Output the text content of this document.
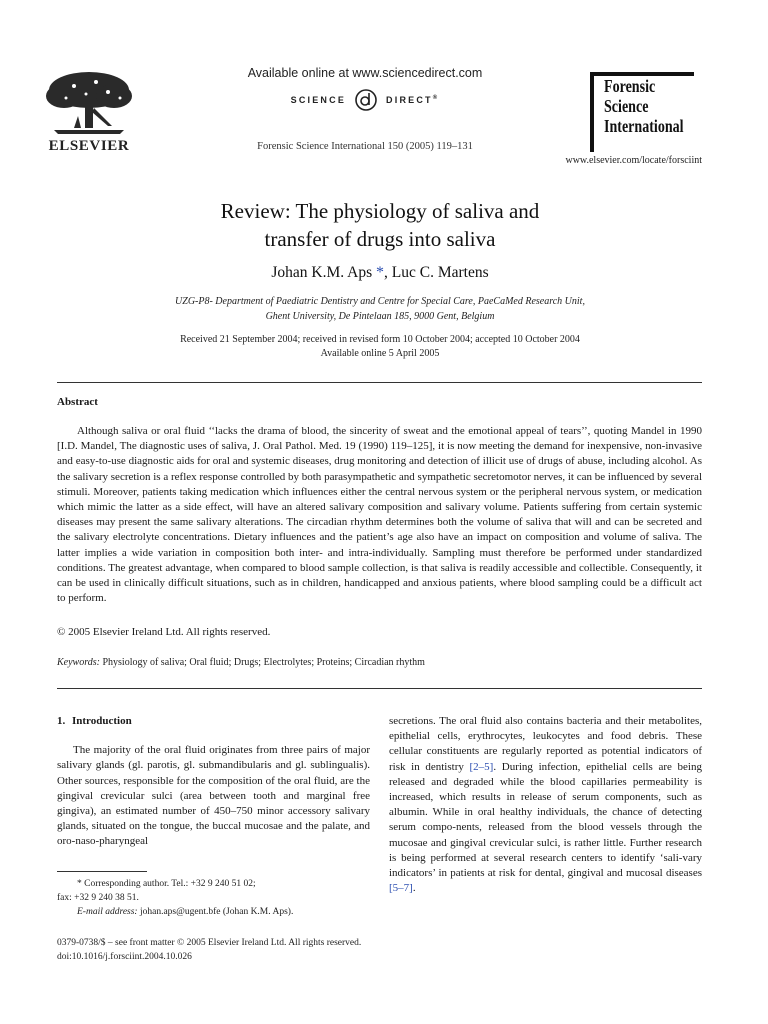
ELSEVIER
Available online at www.sciencedirect.com
SCIENCE	DIRECT®
Forensic Science International 150 (2005) 119–131
Forensic
Science
International
www.elsevier.com/locate/forsciint
Review: The physiology of saliva and
transfer of drugs into saliva
Johan K.M. Aps *, Luc C. Martens
UZG-P8- Department of Paediatric Dentistry and Centre for Special Care, PaeCaMed Research Unit,
Ghent University, De Pintelaan 185, 9000 Gent, Belgium
Received 21 September 2004; received in revised form 10 October 2004; accepted 10 October 2004
Available online 5 April 2005
Abstract
Although saliva or oral fluid ‘‘lacks the drama of blood, the sincerity of sweat and the emotional appeal of tears’’, quoting Mandel in 1990 [I.D. Mandel, The diagnostic uses of saliva, J. Oral Pathol. Med. 19 (1990) 119–125], it is now meeting the demand for inexpensive, non-invasive and easy-to-use diagnostic aids for oral and systemic diseases, drug monitoring and detection of illicit use of drugs of abuse, including alcohol. As the salivary secretion is a reflex response controlled by both parasympathetic and sympathetic secretomotor nerves, it can be influenced by several stimuli. Moreover, patients taking medication which influences either the central nervous system or the peripheral nervous system, or medication which mimic the latter as a side effect, will have an altered salivary composition and salivary volume. Patients suffering from certain systemic diseases may present the same salivary alterations. The circadian rhythm determines both the volume of saliva that will and can be secreted and the salivary electrolyte concentrations. Dietary influences and the patient’s age also have an impact on composition and volume of saliva. The latter implies a wide variation in composition both inter- and intra-individually. Sampling must therefore be performed under standardized conditions. The greatest advantage, when compared to blood sample collection, is that saliva is readily accessible and collectible. Consequently, it can be used in clinically difficult situations, such as in children, handicapped and anxious patients, where blood sampling could be a difficult act to perform.
© 2005 Elsevier Ireland Ltd. All rights reserved.
Keywords: Physiology of saliva; Oral fluid; Drugs; Electrolytes; Proteins; Circadian rhythm
1. Introduction

The majority of the oral fluid originates from three pairs of major salivary glands (gl. parotis, gl. submandibularis and gl. sublingualis). Other sources, responsible for the composition of the oral fluid, are the gingival crevicular sulci (area between tooth and marginal free gingiva), an estimated number of 450–750 minor accessory salivary glands, situated on the tongue, the buccal mucosae and the palate, and oro-naso-pharyngeal

secretions. The oral fluid also contains bacteria and their metabolites, epithelial cells, erythrocytes, leukocytes and food debris. These cellular constituents are regularly reported as potential indicators of risk in dentistry [2–5]. During infection, epithelial cells are being released and degraded while the blood capillaries permeability is increased, which results in release of serum components, such as albumin. While in oral healthy individuals, the chance of detecting serum compo-nents, released from the blood vessels through the mucosae and gingival crevicular sulci, is rather little. Further research is being performed at several research centers to identify ‘sali-vary indicators’ in patients at risk for dental, gingival and mucosal diseases [5–7].

* Corresponding author. Tel.: +32 9 240 51 02;
fax: +32 9 240 38 51.
E-mail address: johan.aps@ugent.bfe (Johan K.M. Aps).
0379-0738/$ – see front matter © 2005 Elsevier Ireland Ltd. All rights reserved.
doi:10.1016/j.forsciint.2004.10.026
